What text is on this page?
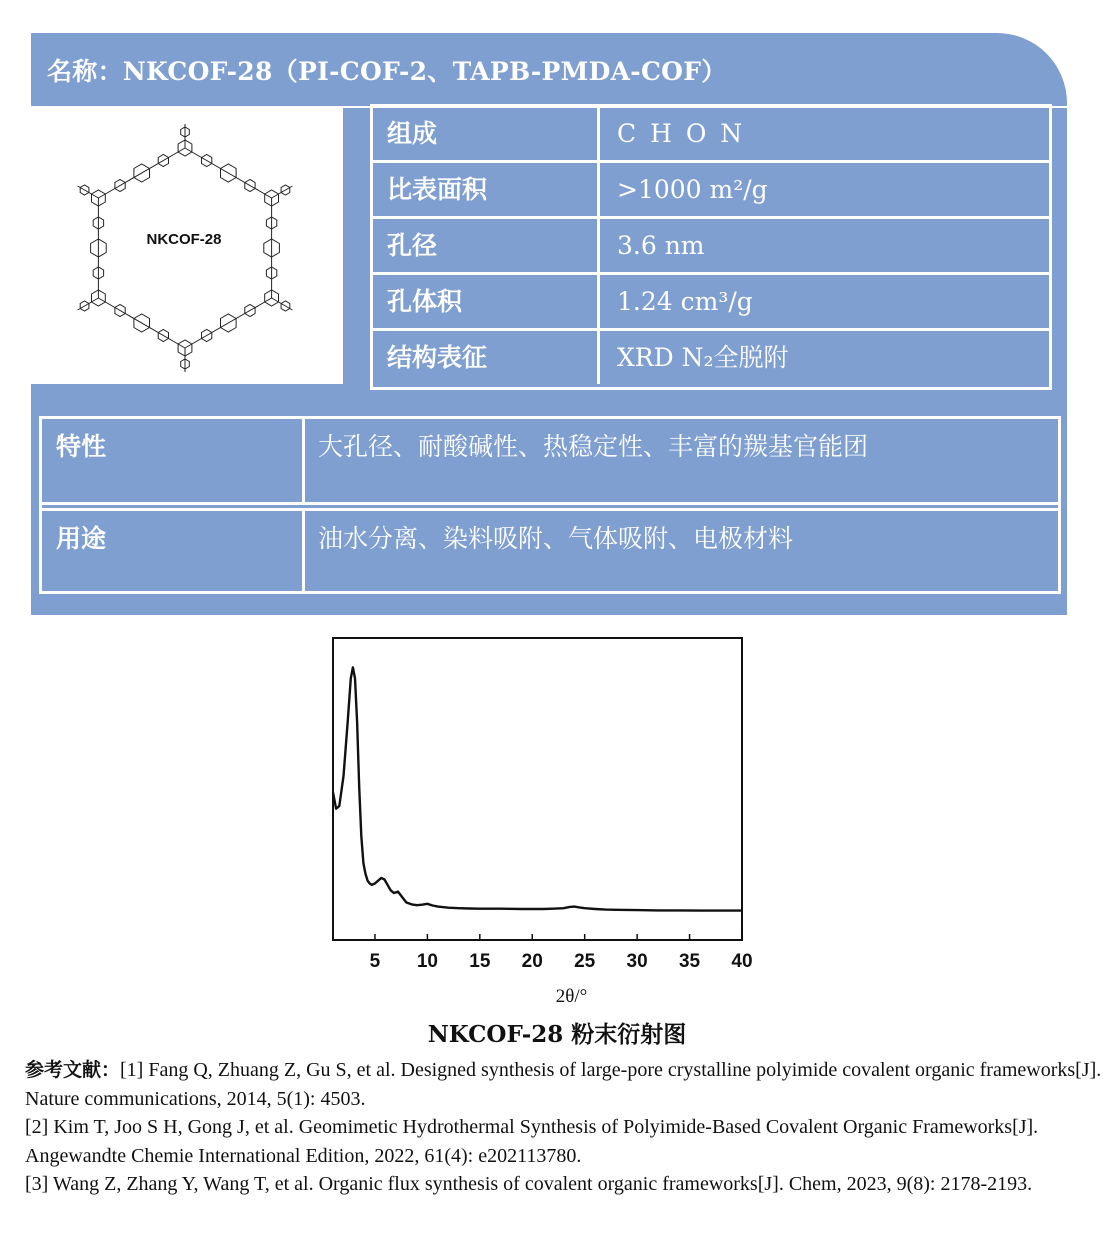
名称：NKCOF-28（PI-COF-2、TAPB-PMDA-COF）
NKCOF-28
组成	C H O N
比表面积	>1000 m²/g
孔径	3.6 nm
孔体积	1.24 cm³/g
结构表征	XRD N₂全脱附
特性	大孔径、耐酸碱性、热稳定性、丰富的羰基官能团
用途	油水分离、染料吸附、气体吸附、电极材料
5 10 15 20 25 30 35 40
2θ/°
NKCOF-28 粉末衍射图

参考文献：[1] Fang Q, Zhuang Z, Gu S, et al. Designed synthesis of large-pore crystalline polyimide covalent organic frameworks[J]. Nature communications, 2014, 5(1): 4503.

[2] Kim T, Joo S H, Gong J, et al. Geomimetic Hydrothermal Synthesis of Polyimide-Based Covalent Organic Frameworks[J]. Angewandte Chemie International Edition, 2022, 61(4): e202113780.

[3] Wang Z, Zhang Y, Wang T, et al. Organic flux synthesis of covalent organic frameworks[J]. Chem, 2023, 9(8): 2178-2193.
